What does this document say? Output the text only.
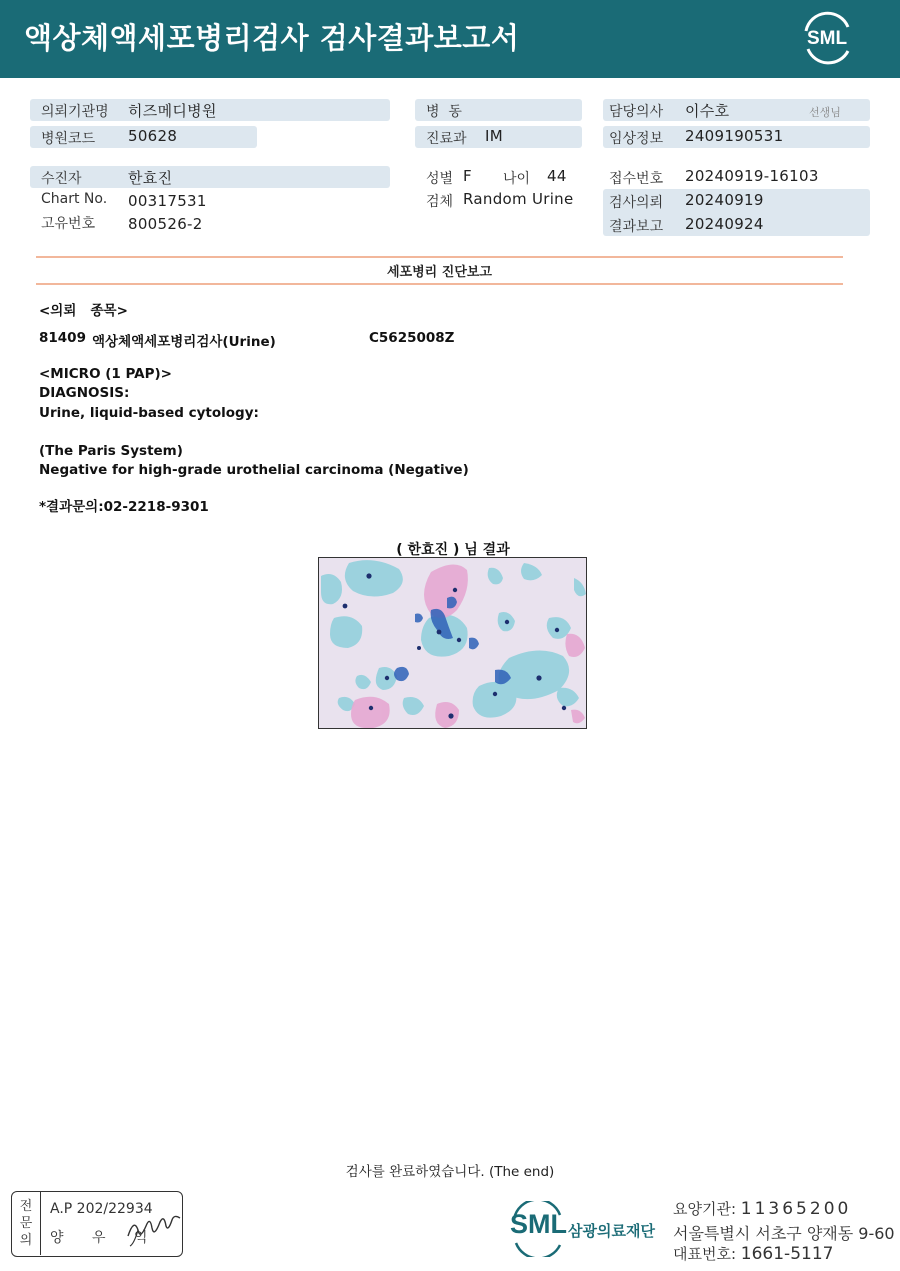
액상체액세포병리검사 검사결과보고서	SML
의뢰기관명 히즈메디병원
병원코드 50628
병  동
진료과 IM
담당의사 이수호	선생님
임상정보 2409190531
수진자	한효진
Chart No. 00317531
고유번호 800526-2
성별 F 나이 44
검체 Random Urine
접수번호 20240919-16103
검사의뢰 20240919
결과보고 20240924
세포병리 진단보고
<의뢰   종목>
81409 액상체액세포병리검사(Urine)	C5625008Z
<MICRO (1 PAP)>
DIAGNOSIS:
Urine, liquid-based cytology:
(The Paris System)
Negative for high-grade urothelial carcinoma (Negative)
*결과문의:02-2218-9301
( 한효진 ) 님 결과
검사를 완료하였습니다. (The end)
전
문
의
A.P 202/22934
양 우 익	SML 삼광의료재단
요양기관: 11365200
서울특별시 서초구 양재동 9-60
대표번호: 1661-5117
